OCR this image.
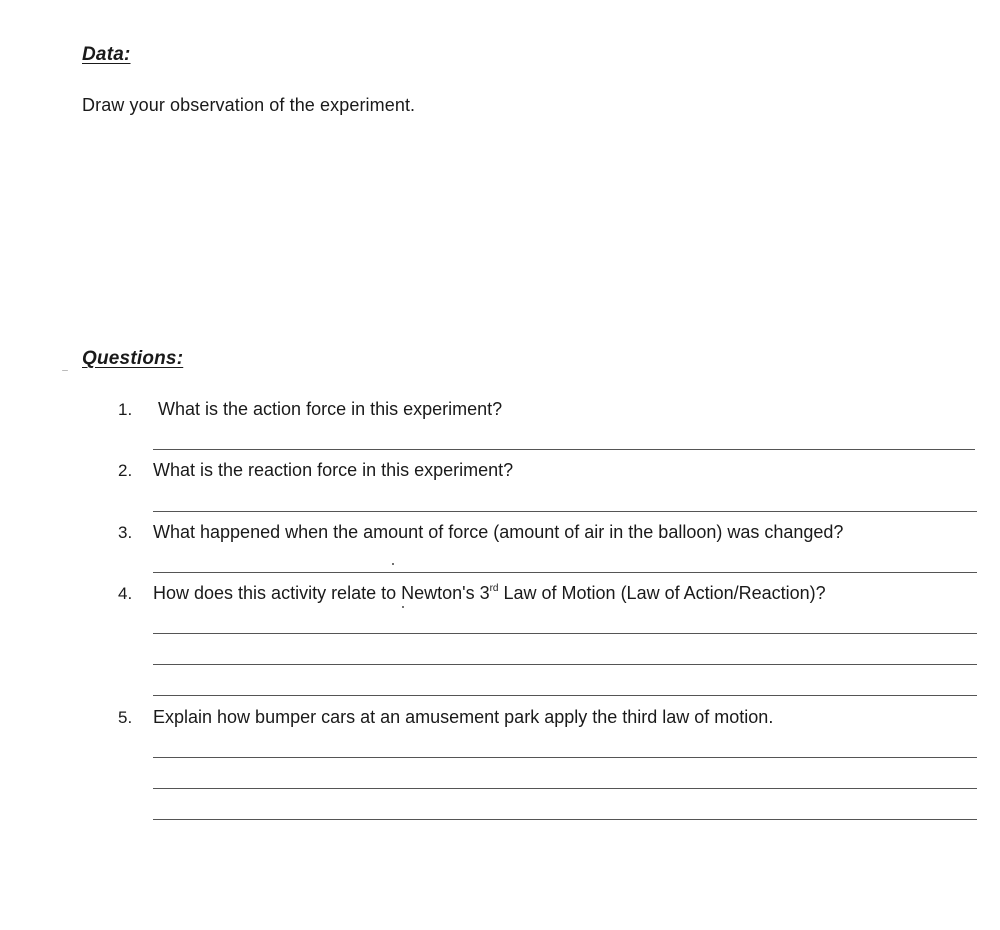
Data:
Draw your observation of the experiment.
Questions:
1. What is the action force in this experiment?
2. What is the reaction force in this experiment?
3. What happened when the amount of force (amount of air in the balloon) was changed?
4. How does this activity relate to Newton's 3rd Law of Motion (Law of Action/Reaction)?
5. Explain how bumper cars at an amusement park apply the third law of motion.
